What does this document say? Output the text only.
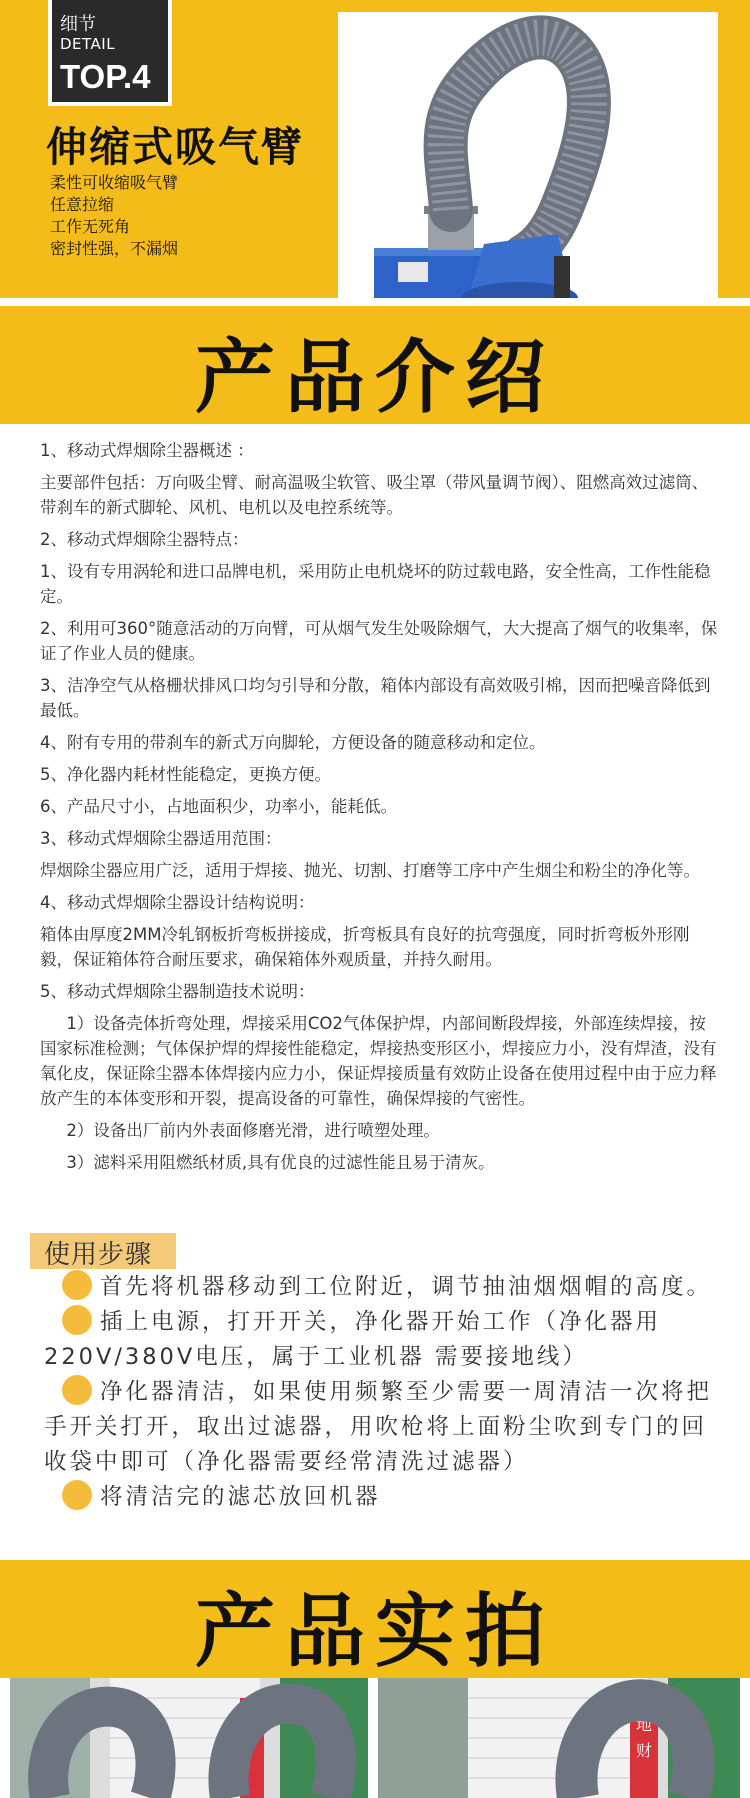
细节
DETAIL
TOP.4
伸缩式吸气臂
柔性可收缩吸气臂
任意拉缩
工作无死角
密封性强，不漏烟
产品介绍

1、移动式焊烟除尘器概述 ：

主要部件包括：万向吸尘臂、耐高温吸尘软管、吸尘罩（带风量调节阀）、阻燃高效过滤筒、带刹车的新式脚轮、风机、电机以及电控系统等。

2、移动式焊烟除尘器特点：

1、设有专用涡轮和进口品牌电机，采用防止电机烧坏的防过载电路，安全性高，工作性能稳定。

2、利用可360°随意活动的万向臂，可从烟气发生处吸除烟气，大大提高了烟气的收集率，保证了作业人员的健康。

3、洁净空气从格栅状排风口均匀引导和分散，箱体内部设有高效吸引棉，因而把噪音降低到最低。

4、附有专用的带刹车的新式万向脚轮，方便设备的随意移动和定位。

5、净化器内耗材性能稳定，更换方便。

6、产品尺寸小，占地面积少，功率小，能耗低。

3、移动式焊烟除尘器适用范围：

焊烟除尘器应用广泛，适用于焊接、抛光、切割、打磨等工序中产生烟尘和粉尘的净化等。

4、移动式焊烟除尘器设计结构说明：

箱体由厚度2MM冷轧钢板折弯板拼接成，折弯板具有良好的抗弯强度，同时折弯板外形刚毅，保证箱体符合耐压要求，确保箱体外观质量，并持久耐用。

5、移动式焊烟除尘器制造技术说明：

1）设备壳体折弯处理，焊接采用CO2气体保护焊，内部间断段焊接，外部连续焊接，按国家标准检测；气体保护焊的焊接性能稳定，焊接热变形区小，焊接应力小，没有焊渣，没有氧化皮，保证除尘器本体焊接内应力小，保证焊接质量有效防止设备在使用过程中由于应力释放产生的本体变形和开裂，提高设备的可靠性，确保焊接的气密性。

2）设备出厂前内外表面修磨光滑，进行喷塑处理。

3）滤料采用阻燃纸材质,具有优良的过滤性能且易于清灰。

使用步骤
首先将机器移动到工位附近，调节抽油烟烟帽的高度。
插上电源，打开开关，净化器开始工作（净化器用220V/380V电压，属于工业机器 需要接地线）
净化器清洁，如果使用频繁至少需要一周清洁一次将把手开关打开，取出过滤器，用吹枪将上面粉尘吹到专门的回收袋中即可（净化器需要经常清洗过滤器）
将清洁完的滤芯放回机器
产品实拍
地
财
